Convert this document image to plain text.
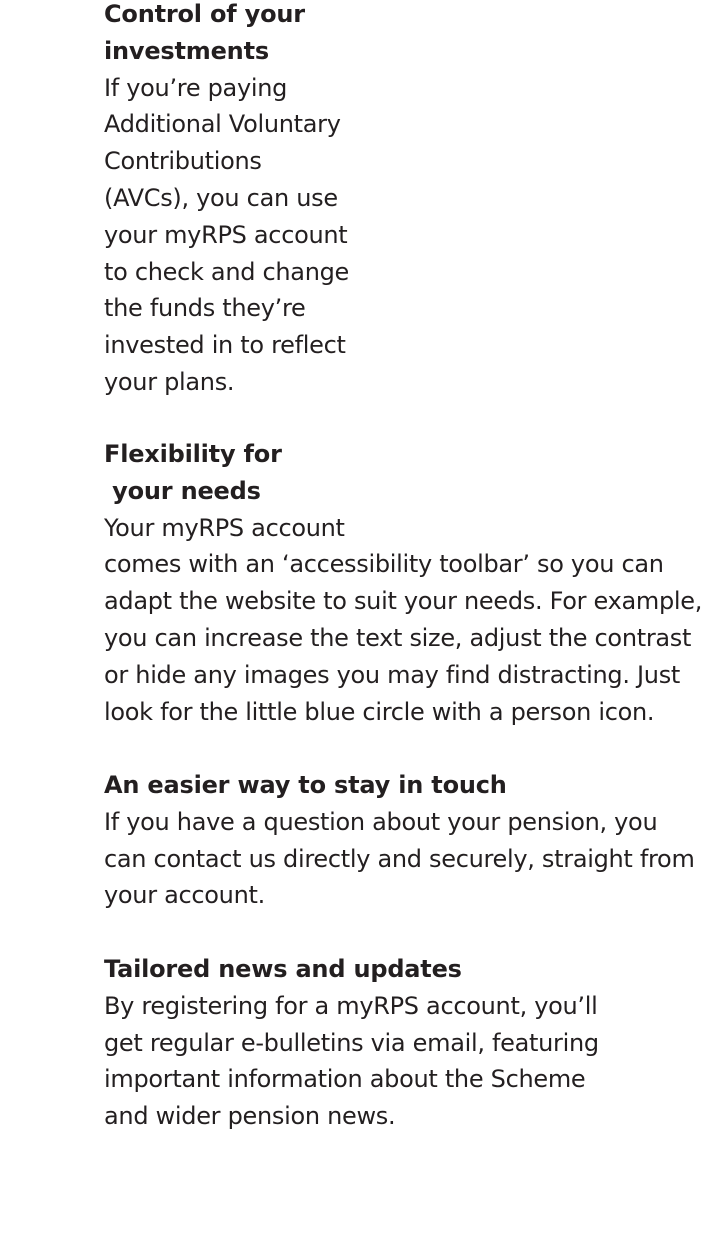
Control of your
investments
If you’re paying
Additional Voluntary
Contributions
(AVCs), you can use
your myRPS account
to check and change
the funds they’re
invested in to reflect
your plans.
Flexibility for
your needs
Your myRPS account
comes with an ‘accessibility toolbar’ so you can
adapt the website to suit your needs. For example,
you can increase the text size, adjust the contrast
or hide any images you may find distracting. Just
look for the little blue circle with a person icon.
An easier way to stay in touch
If you have a question about your pension, you
can contact us directly and securely, straight from
your account.
Tailored news and updates
By registering for a myRPS account, you’ll
get regular e-bulletins via email, featuring
important information about the Scheme
and wider pension news.
